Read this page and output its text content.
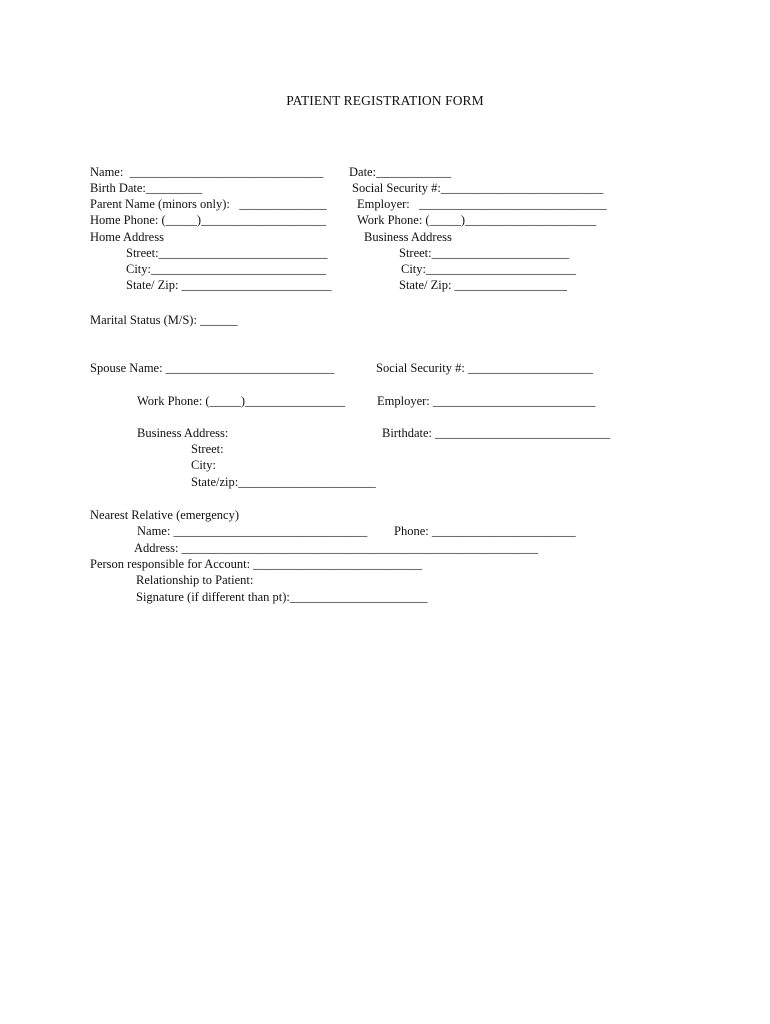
PATIENT REGISTRATION FORM
Name:  _______________________________ Date:____________
Birth Date:_________	Social Security #:__________________________
Parent Name (minors only):   ______________ Employer:   ______________________________
Home Phone: (_____)____________________ Work Phone: (_____)_____________________
Home Address	Business Address
Street:___________________________	Street:______________________
City:____________________________	City:________________________
State/ Zip: ________________________	State/ Zip: __________________
Marital Status (M/S): ______
Spouse Name: ___________________________	Social Security #: ____________________
Work Phone: (_____)________________	Employer: __________________________
Business Address:	Birthdate: ____________________________
Street:
City:
State/zip:______________________
Nearest Relative (emergency)
Name: _______________________________ Phone: _______________________
Address: _________________________________________________________
Person responsible for Account: ___________________________
Relationship to Patient:
Signature (if different than pt):______________________
